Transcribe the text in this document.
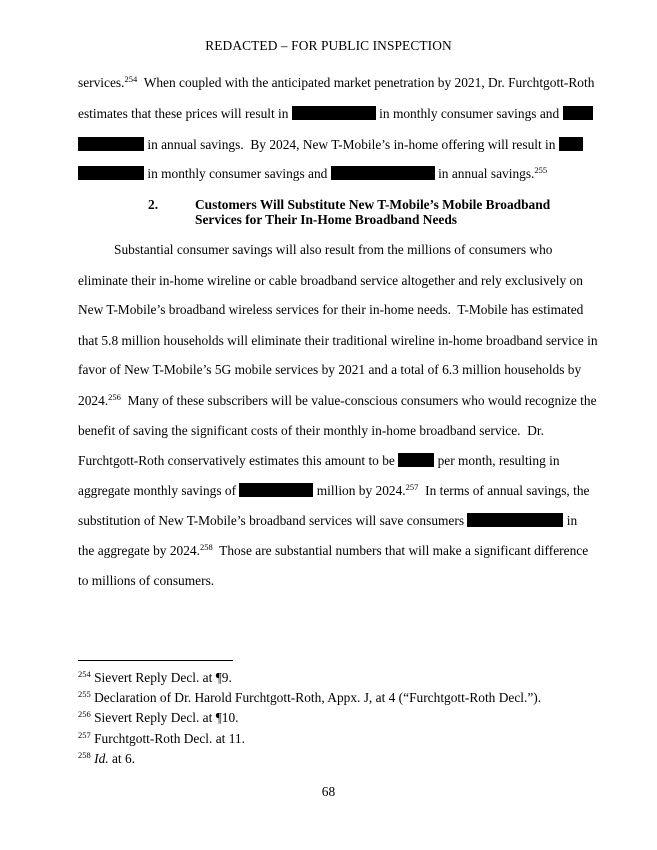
REDACTED – FOR PUBLIC INSPECTION
services.$^{254}$  When coupled with the anticipated market penetration by 2021, Dr. Furchtgott-Roth
estimates that these prices will result in	in monthly consumer savings and
in annual savings.  By 2024, New T-Mobile’s in-home offering will result in
in monthly consumer savings and	in annual savings.$^{255}$
2.	Customers Will Substitute New T-Mobile’s Mobile Broadband
Services for Their In-Home Broadband Needs
Substantial consumer savings will also result from the millions of consumers who
eliminate their in-home wireline or cable broadband service altogether and rely exclusively on
New T-Mobile’s broadband wireless services for their in-home needs.  T-Mobile has estimated
that 5.8 million households will eliminate their traditional wireline in-home broadband service in
favor of New T-Mobile’s 5G mobile services by 2021 and a total of 6.3 million households by
2024.$^{256}$  Many of these subscribers will be value-conscious consumers who would recognize the
benefit of saving the significant costs of their monthly in-home broadband service.  Dr.
Furchtgott-Roth conservatively estimates this amount to be	per month, resulting in
aggregate monthly savings of	million by 2024.$^{257}$  In terms of annual savings, the
substitution of New T-Mobile’s broadband services will save consumers	in
the aggregate by 2024.$^{258}$  Those are substantial numbers that will make a significant difference
to millions of consumers.
$^{254}$ Sievert Reply Decl. at ¶9.
$^{255}$ Declaration of Dr. Harold Furchtgott-Roth, Appx. J, at 4 (“Furchtgott-Roth Decl.”).
$^{256}$ Sievert Reply Decl. at ¶10.
$^{257}$ Furchtgott-Roth Decl. at 11.
$^{258}$ Id. at 6.
68
